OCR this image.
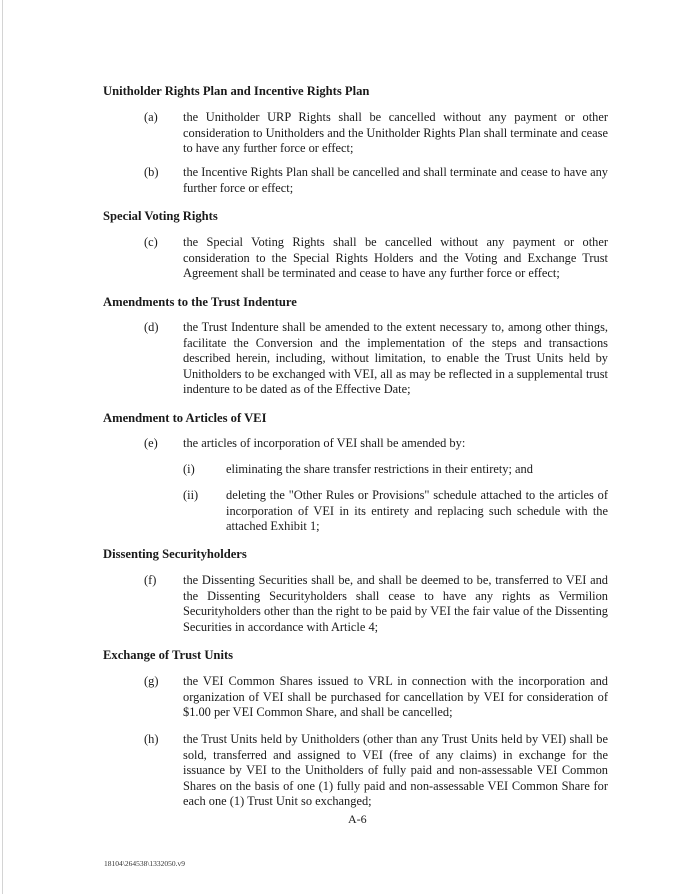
Unitholder Rights Plan and Incentive Rights Plan
(a) the Unitholder URP Rights shall be cancelled without any payment or other consideration to Unitholders and the Unitholder Rights Plan shall terminate and cease to have any further force or effect;
(b) the Incentive Rights Plan shall be cancelled and shall terminate and cease to have any further force or effect;
Special Voting Rights
(c) the Special Voting Rights shall be cancelled without any payment or other consideration to the Special Rights Holders and the Voting and Exchange Trust Agreement shall be terminated and cease to have any further force or effect;
Amendments to the Trust Indenture
(d) the Trust Indenture shall be amended to the extent necessary to, among other things, facilitate the Conversion and the implementation of the steps and transactions described herein, including, without limitation, to enable the Trust Units held by Unitholders to be exchanged with VEI, all as may be reflected in a supplemental trust indenture to be dated as of the Effective Date;
Amendment to Articles of VEI
(e) the articles of incorporation of VEI shall be amended by:
(i)	eliminating the share transfer restrictions in their entirety; and
(ii) deleting the "Other Rules or Provisions" schedule attached to the articles of incorporation of VEI in its entirety and replacing such schedule with the attached Exhibit 1;
Dissenting Securityholders
(f) the Dissenting Securities shall be, and shall be deemed to be, transferred to VEI and the Dissenting Securityholders shall cease to have any rights as Vermilion Securityholders other than the right to be paid by VEI the fair value of the Dissenting Securities in accordance with Article 4;
Exchange of Trust Units
(g) the VEI Common Shares issued to VRL in connection with the incorporation and organization of VEI shall be purchased for cancellation by VEI for consideration of $1.00 per VEI Common Share, and shall be cancelled;
(h) the Trust Units held by Unitholders (other than any Trust Units held by VEI) shall be sold, transferred and assigned to VEI (free of any claims) in exchange for the issuance by VEI to the Unitholders of fully paid and non-assessable VEI Common Shares on the basis of one (1) fully paid and non-assessable VEI Common Share for each one (1) Trust Unit so exchanged;
A-6
18104\264538\1332050.v9
